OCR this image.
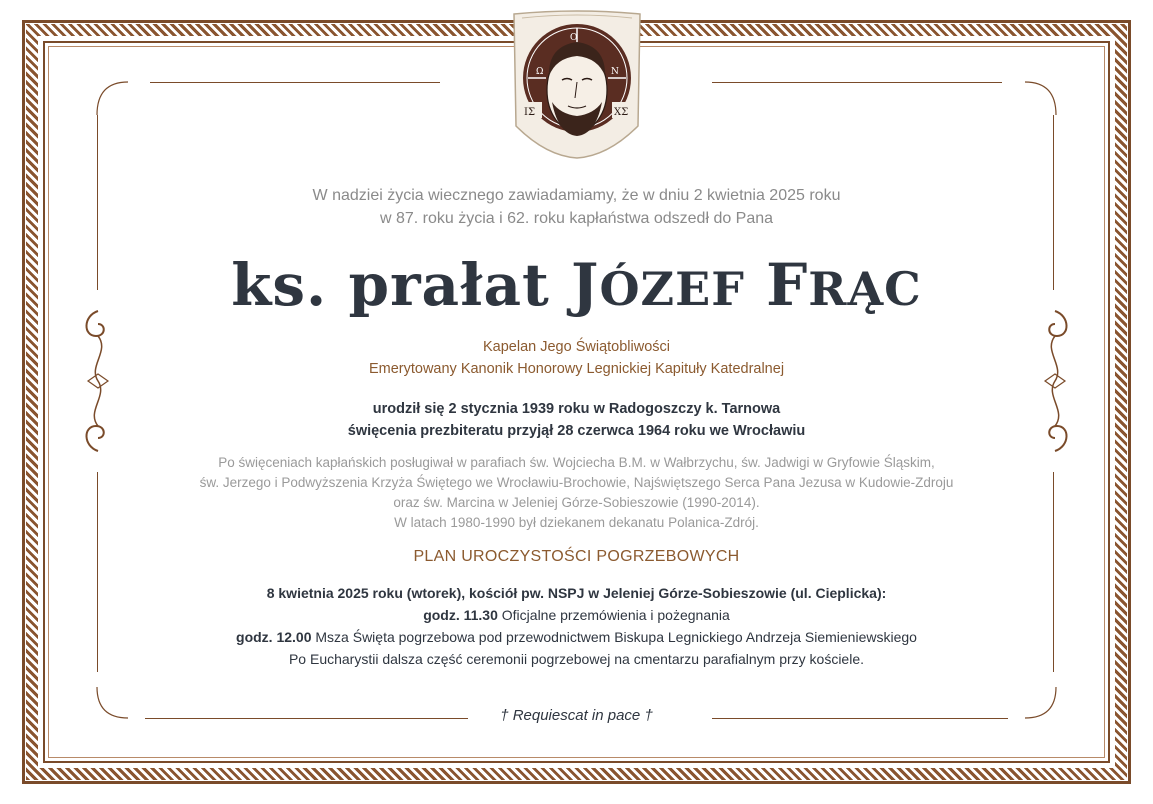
Ο
Ω	Ν
ΙΣ	ΧΣ
W nadziei życia wiecznego zawiadamiamy, że w dniu 2 kwietnia 2025 roku
w 87. roku życia i 62. roku kapłaństwa odszedł do Pana
ks. prałat JÓZEF FRĄC
Kapelan Jego Świątobliwości
Emerytowany Kanonik Honorowy Legnickiej Kapituły Katedralnej
urodził się 2 stycznia 1939 roku w Radogoszczy k. Tarnowa
święcenia prezbiteratu przyjął 28 czerwca 1964 roku we Wrocławiu
Po święceniach kapłańskich posługiwał w parafiach św. Wojciecha B.M. w Wałbrzychu, św. Jadwigi w Gryfowie Śląskim,
św. Jerzego i Podwyższenia Krzyża Świętego we Wrocławiu-Brochowie, Najświętszego Serca Pana Jezusa w Kudowie-Zdroju
oraz św. Marcina w Jeleniej Górze-Sobieszowie (1990-2014).
W latach 1980-1990 był dziekanem dekanatu Polanica-Zdrój.
PLAN UROCZYSTOŚCI POGRZEBOWYCH
8 kwietnia 2025 roku (wtorek), kościół pw. NSPJ w Jeleniej Górze-Sobieszowie (ul. Cieplicka):
godz. 11.30 Oficjalne przemówienia i pożegnania
godz. 12.00 Msza Święta pogrzebowa pod przewodnictwem Biskupa Legnickiego Andrzeja Siemieniewskiego
Po Eucharystii dalsza część ceremonii pogrzebowej na cmentarzu parafialnym przy kościele.
† Requiescat in pace †
